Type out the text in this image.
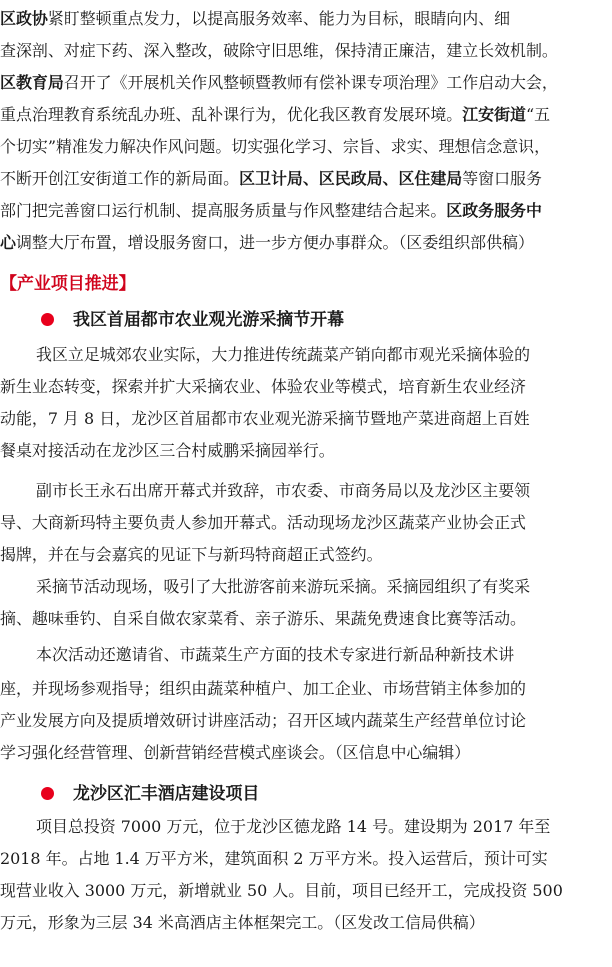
区政协紧盯整顿重点发力，以提高服务效率、能力为目标，眼睛向内、细
查深剖、对症下药、深入整改，破除守旧思维，保持清正廉洁，建立长效机制。
区教育局召开了《开展机关作风整顿暨教师有偿补课专项治理》工作启动大会，
重点治理教育系统乱办班、乱补课行为，优化我区教育发展环境。江安街道“五
个切实”精准发力解决作风问题。切实强化学习、宗旨、求实、理想信念意识，
不断开创江安街道工作的新局面。区卫计局、区民政局、区住建局等窗口服务
部门把完善窗口运行机制、提高服务质量与作风整建结合起来。区政务服务中
心调整大厅布置，增设服务窗口，进一步方便办事群众。（区委组织部供稿）
【产业项目推进】
我区首届都市农业观光游采摘节开幕
我区立足城郊农业实际，大力推进传统蔬菜产销向都市观光采摘体验的
新生业态转变，探索并扩大采摘农业、体验农业等模式，培育新生农业经济
动能，7 月 8 日，龙沙区首届都市农业观光游采摘节暨地产菜进商超上百姓
餐桌对接活动在龙沙区三合村威鹏采摘园举行。
副市长王永石出席开幕式并致辞，市农委、市商务局以及龙沙区主要领
导、大商新玛特主要负责人参加开幕式。活动现场龙沙区蔬菜产业协会正式
揭牌，并在与会嘉宾的见证下与新玛特商超正式签约。
采摘节活动现场，吸引了大批游客前来游玩采摘。采摘园组织了有奖采
摘、趣味垂钓、自采自做农家菜肴、亲子游乐、果蔬免费速食比赛等活动。
本次活动还邀请省、市蔬菜生产方面的技术专家进行新品种新技术讲
座，并现场参观指导；组织由蔬菜种植户、加工企业、市场营销主体参加的
产业发展方向及提质增效研讨讲座活动；召开区域内蔬菜生产经营单位讨论
学习强化经营管理、创新营销经营模式座谈会。（区信息中心编辑）
龙沙区汇丰酒店建设项目
项目总投资 7000 万元，位于龙沙区德龙路 14 号。建设期为 2017 年至
2018 年。占地 1.4 万平方米，建筑面积 2 万平方米。投入运营后，预计可实
现营业收入 3000 万元，新增就业 50 人。目前，项目已经开工，完成投资 500
万元，形象为三层 34 米高酒店主体框架完工。（区发改工信局供稿）
